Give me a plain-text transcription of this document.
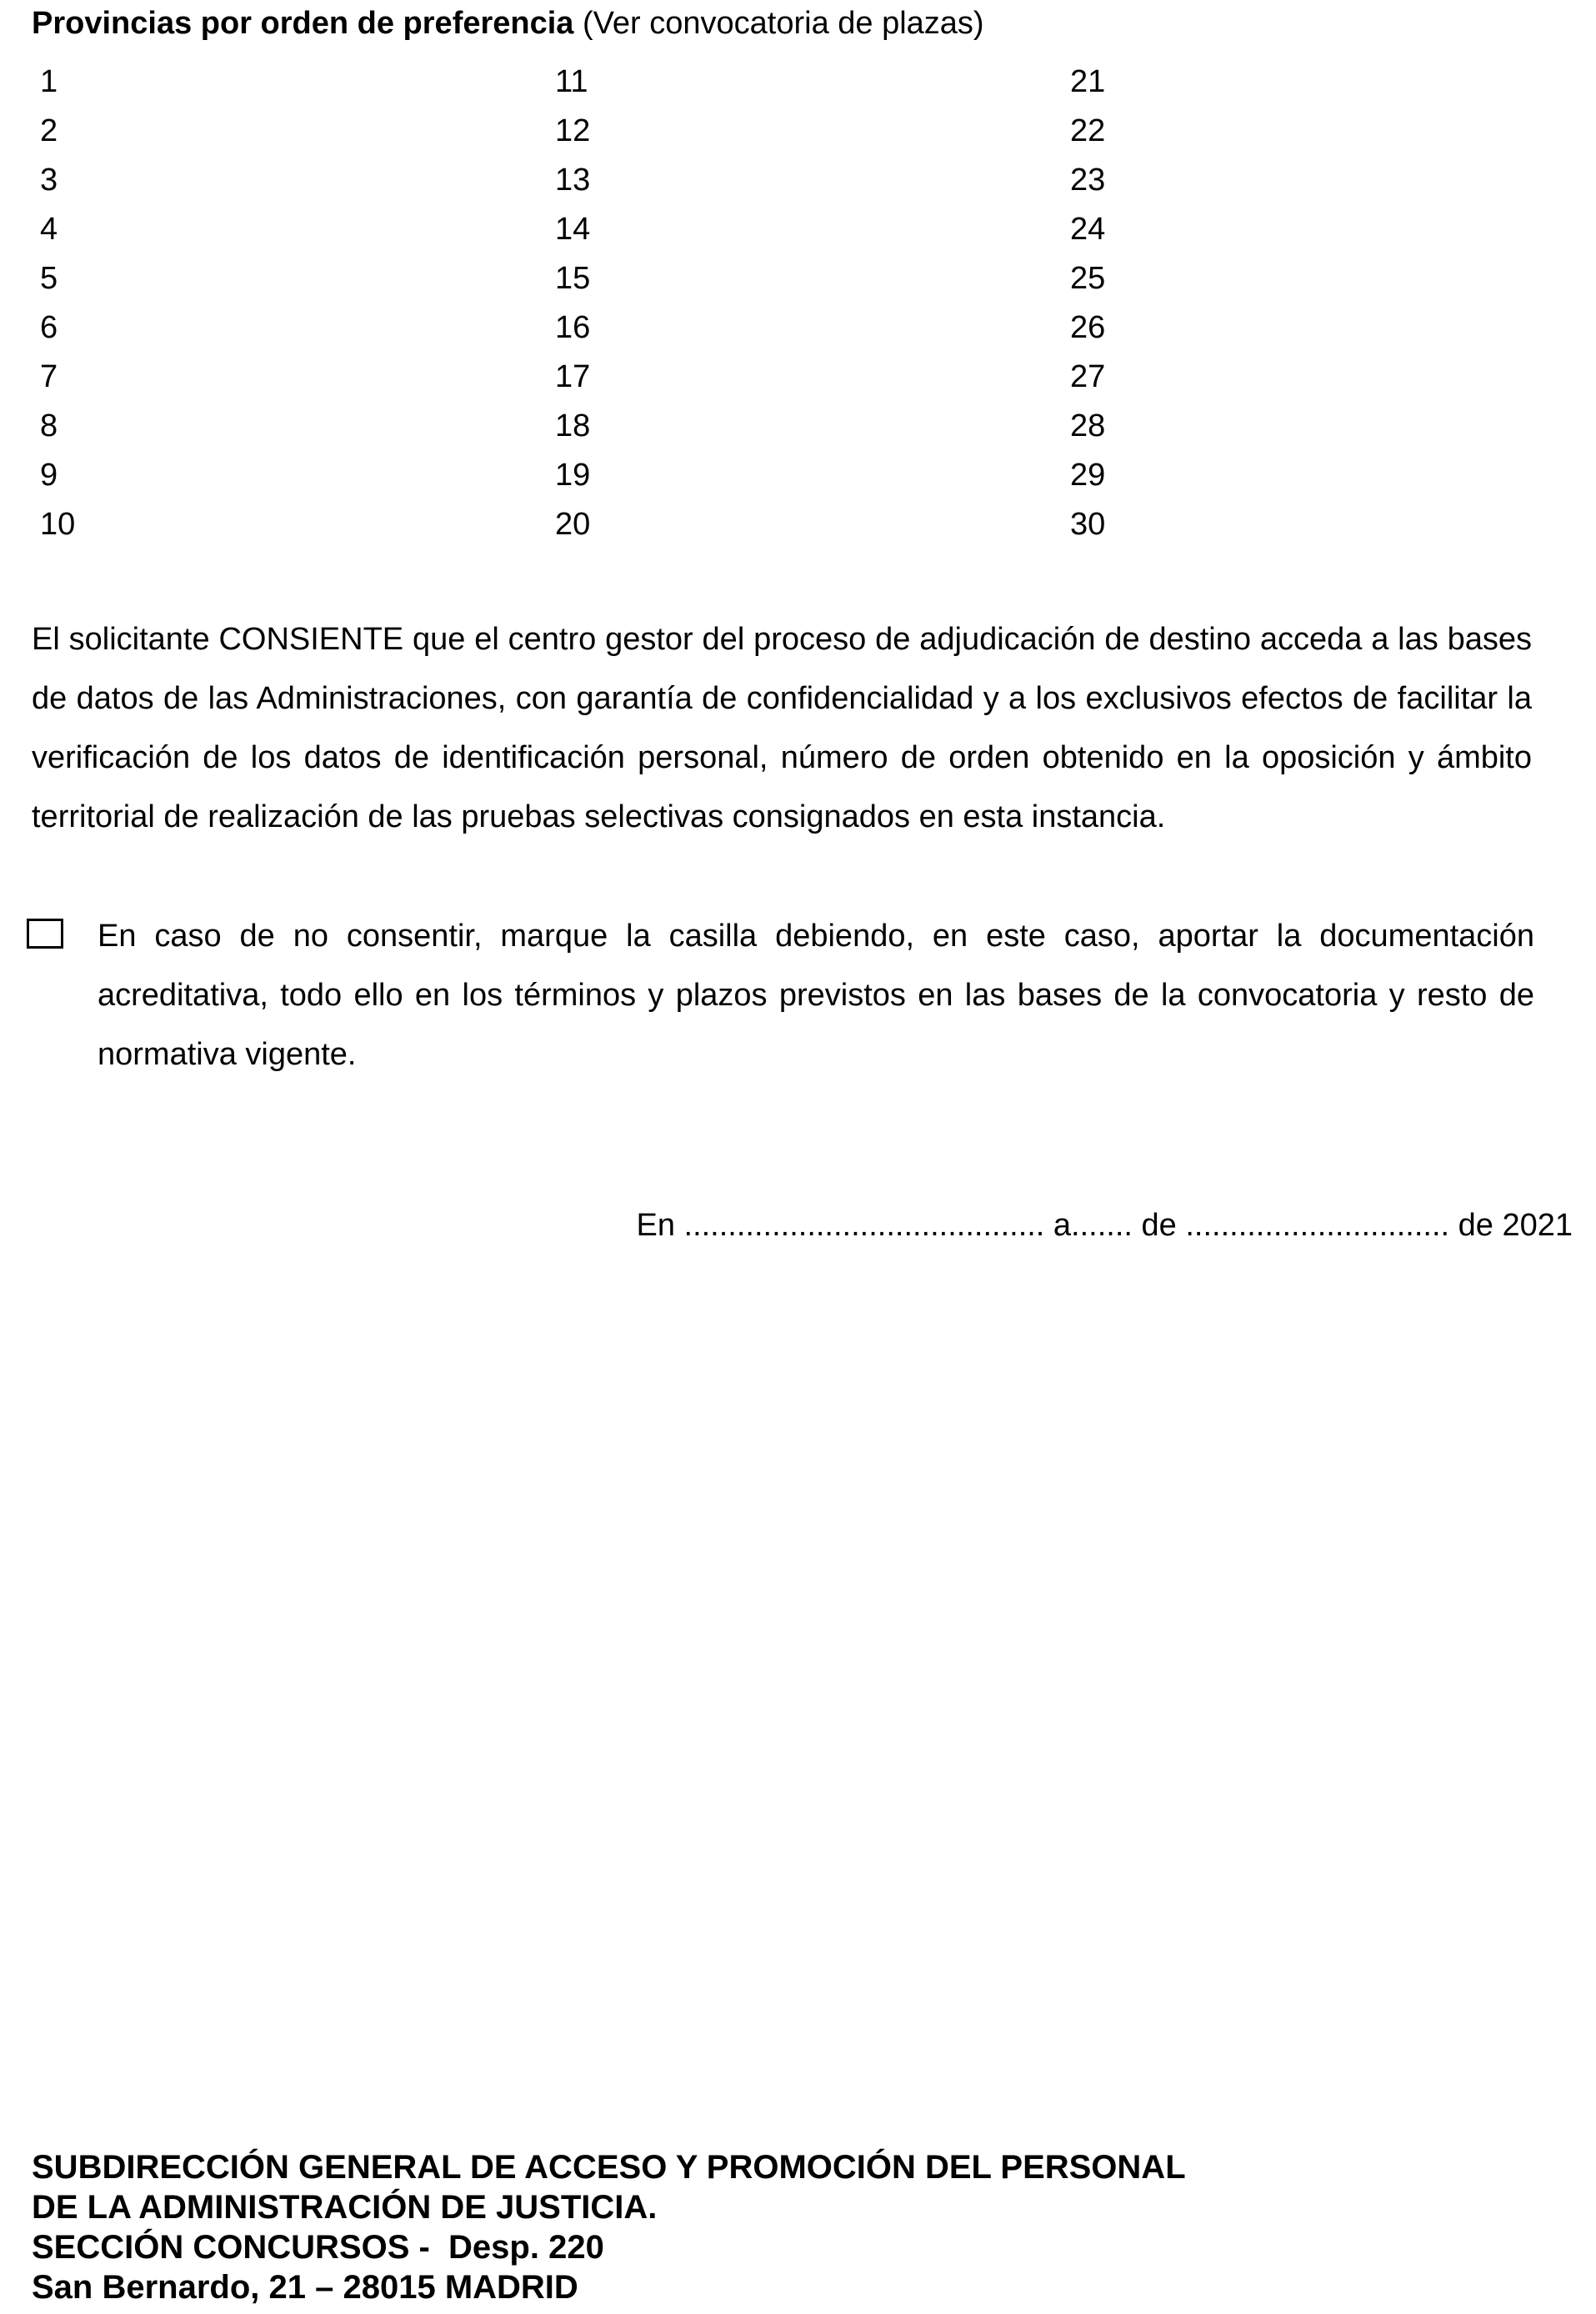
Provincias por orden de preferencia (Ver convocatoria de plazas)
1
2
3
4
5
6
7
8
9
10
11
12
13
14
15
16
17
18
19
20
21
22
23
24
25
26
27
28
29
30

El solicitante CONSIENTE que el centro gestor del proceso de adjudicación de destino acceda a las bases de datos de las Administraciones, con garantía de confidencialidad y a los exclusivos efectos de facilitar la verificación de los datos de identificación personal, número de orden obtenido en la oposición y ámbito territorial de realización de las pruebas selectivas consignados en esta instancia.

En caso de no consentir, marque la casilla debiendo, en este caso, aportar la documentación acreditativa, todo ello en los términos y plazos previstos en las bases de la convocatoria y resto de normativa vigente.

En ......................................... a....... de .............................. de 2021
SUBDIRECCIÓN GENERAL DE ACCESO Y PROMOCIÓN DEL PERSONAL
DE LA ADMINISTRACIÓN DE JUSTICIA.
SECCIÓN CONCURSOS -  Desp. 220
San Bernardo, 21 – 28015 MADRID
